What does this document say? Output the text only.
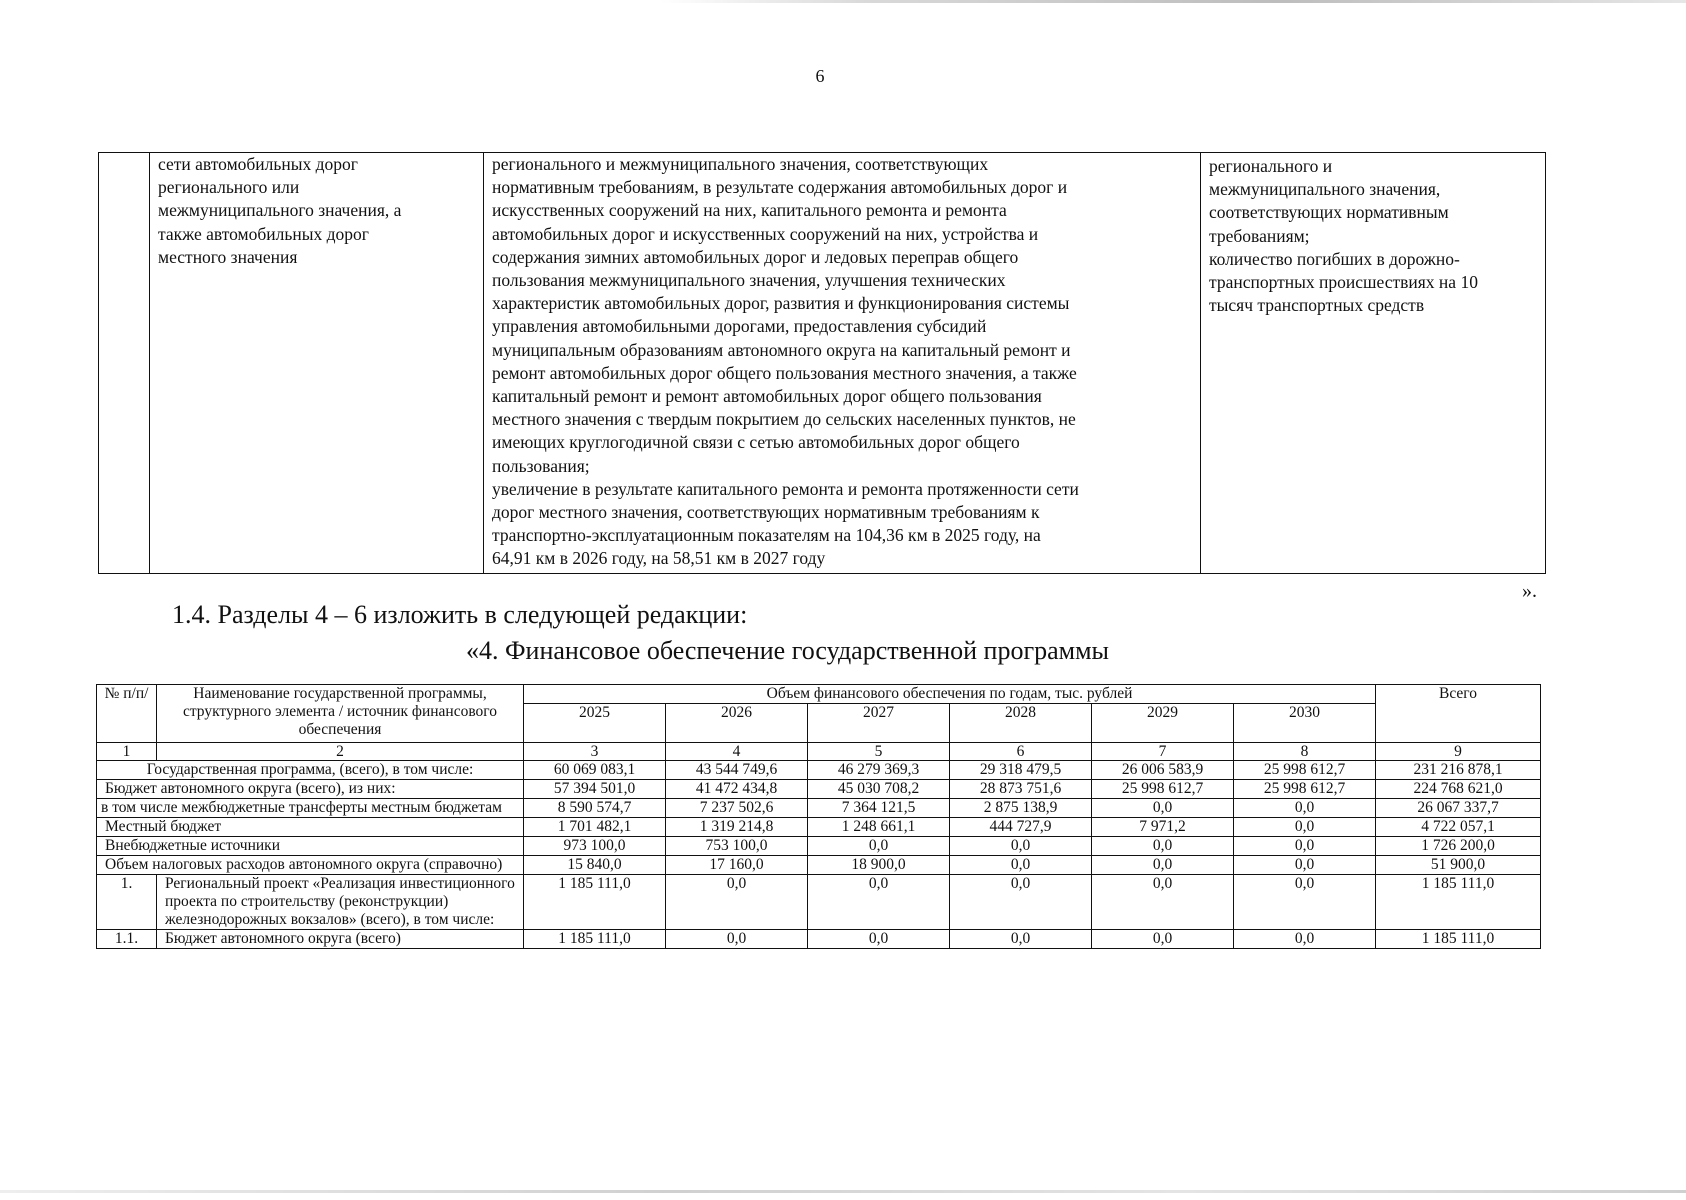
6

сети автомобильных дорог
регионального или
межмуниципального значения, а
также автомобильных дорог
местного значения

регионального и межмуниципального значения, соответствующих
нормативным требованиям, в результате содержания автомобильных дорог и
искусственных сооружений на них, капитального ремонта и ремонта
автомобильных дорог и искусственных сооружений на них, устройства и
содержания зимних автомобильных дорог и ледовых переправ общего
пользования межмуниципального значения, улучшения технических
характеристик автомобильных дорог, развития и функционирования системы
управления автомобильными дорогами, предоставления субсидий
муниципальным образованиям автономного округа на капитальный ремонт и
ремонт автомобильных дорог общего пользования местного значения, а также
капитальный ремонт и ремонт автомобильных дорог общего пользования
местного значения с твердым покрытием до сельских населенных пунктов, не
имеющих круглогодичной связи с сетью автомобильных дорог общего
пользования;
увеличение в результате капитального ремонта и ремонта протяженности сети
дорог местного значения, соответствующих нормативным требованиям к
транспортно-эксплуатационным показателям на 104,36 км в 2025 году, на
64,91 км в 2026 году, на 58,51 км в 2027 году

регионального и
межмуниципального значения,
соответствующих нормативным
требованиям;
количество погибших в дорожно-
транспортных происшествиях на 10
тысяч транспортных средств
».
1.4. Разделы 4 – 6 изложить в следующей редакции:
«4. Финансовое обеспечение государственной программы
№ п/п/	Наименование государственной программы, структурного элемента / источник финансового обеспечения	Объем финансового обеспечения по годам, тыс. рублей						Всего
		2025	2026	2027	2028	2029	2030	
1	2	3	4	5	6	7	8	9
Государственная программа, (всего), в том числе:		60 069 083,1	43 544 749,6	46 279 369,3	29 318 479,5	26 006 583,9	25 998 612,7	231 216 878,1
Бюджет автономного округа (всего), из них:		57 394 501,0	41 472 434,8	45 030 708,2	28 873 751,6	25 998 612,7	25 998 612,7	224 768 621,0
в том числе межбюджетные трансферты местным бюджетам		8 590 574,7	7 237 502,6	7 364 121,5	2 875 138,9	0,0	0,0	26 067 337,7
Местный бюджет		1 701 482,1	1 319 214,8	1 248 661,1	444 727,9	7 971,2	0,0	4 722 057,1
Внебюджетные источники		973 100,0	753 100,0	0,0	0,0	0,0	0,0	1 726 200,0
Объем налоговых расходов автономного округа (справочно)		15 840,0	17 160,0	18 900,0	0,0	0,0	0,0	51 900,0
1.	Региональный проект «Реализация инвестиционного проекта по строительству (реконструкции) железнодорожных вокзалов» (всего), в том числе:	1 185 111,0	0,0	0,0	0,0	0,0	0,0	1 185 111,0
1.1.	Бюджет автономного округа (всего)	1 185 111,0	0,0	0,0	0,0	0,0	0,0	1 185 111,0
